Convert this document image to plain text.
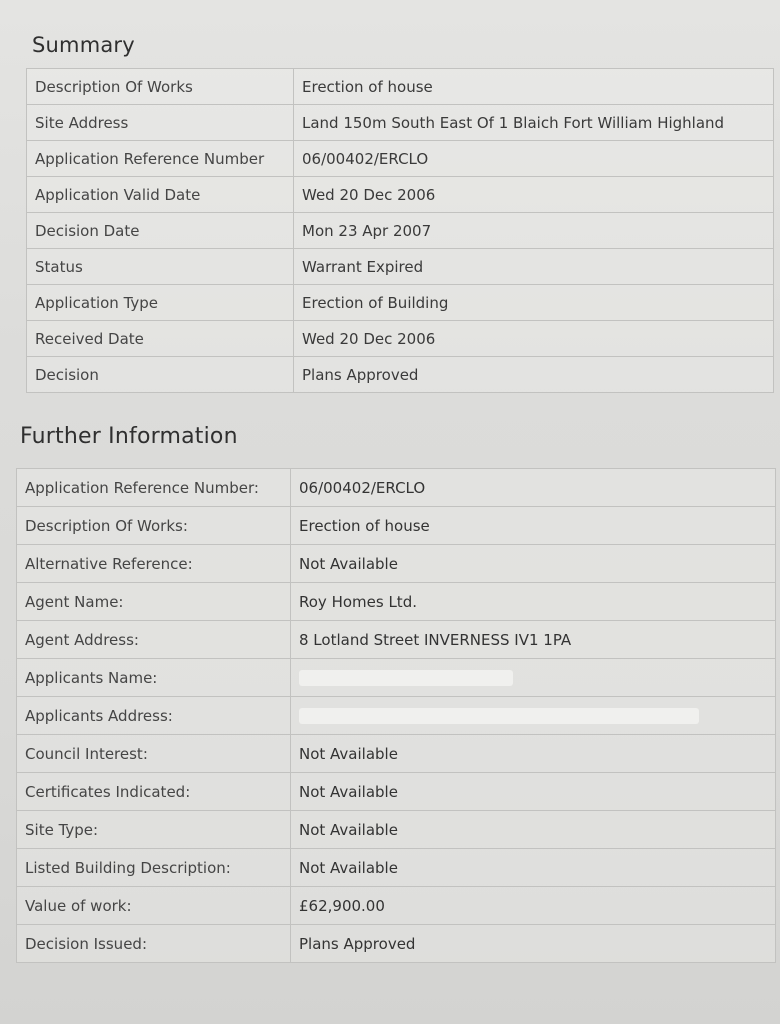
Summary
Description Of Works	Erection of house
Site Address	Land 150m South East Of 1 Blaich Fort William Highland
Application Reference Number	06/00402/ERCLO
Application Valid Date	Wed 20 Dec 2006
Decision Date	Mon 23 Apr 2007
Status	Warrant Expired
Application Type	Erection of Building
Received Date	Wed 20 Dec 2006
Decision	Plans Approved
Further Information
Application Reference Number:	06/00402/ERCLO
Description Of Works:	Erection of house
Alternative Reference:	Not Available
Agent Name:	Roy Homes Ltd.
Agent Address:	8 Lotland Street INVERNESS IV1 1PA
Applicants Name:	
Applicants Address:	
Council Interest:	Not Available
Certificates Indicated:	Not Available
Site Type:	Not Available
Listed Building Description:	Not Available
Value of work:	£62,900.00
Decision Issued:	Plans Approved
